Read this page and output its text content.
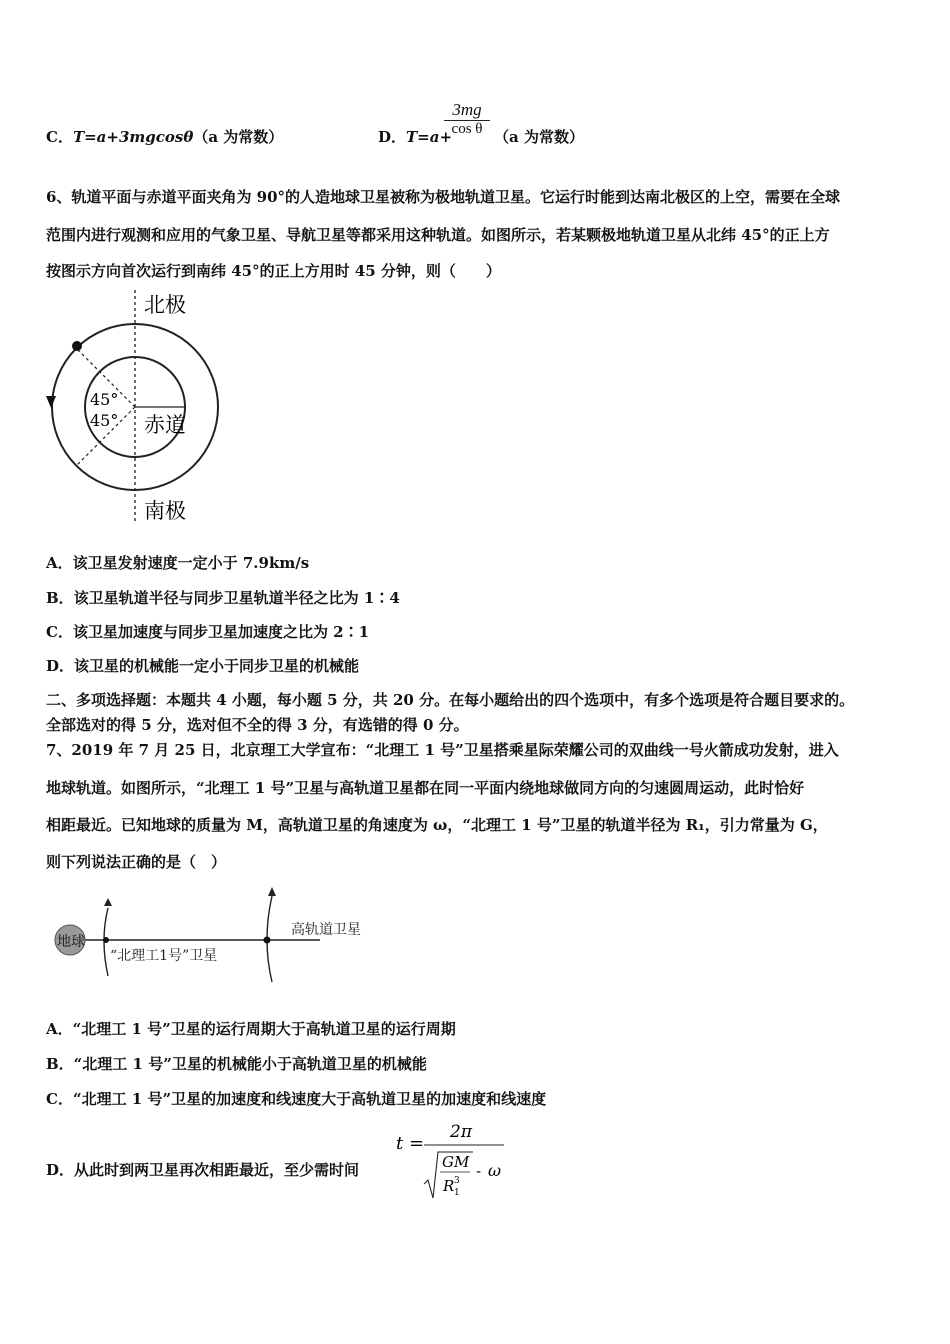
C．T=a+3mgcosθ（a 为常数）	D．T=a+
3mg
cos θ （a 为常数）
6、轨道平面与赤道平面夹角为 90°的人造地球卫星被称为极地轨道卫星。它运行时能到达南北极区的上空，需要在全球
范围内进行观测和应用的气象卫星、导航卫星等都采用这种轨道。如图所示，若某颗极地轨道卫星从北纬 45°的正上方
按图示方向首次运行到南纬 45°的正上方用时 45 分钟，则（　　）
北极
南极
赤道
45°
45°
A．该卫星发射速度一定小于 7.9km/s
B．该卫星轨道半径与同步卫星轨道半径之比为 1∶4
C．该卫星加速度与同步卫星加速度之比为 2∶1
D．该卫星的机械能一定小于同步卫星的机械能
二、多项选择题：本题共 4 小题，每小题 5 分，共 20 分。在每小题给出的四个选项中，有多个选项是符合题目要求的。
全部选对的得 5 分，选对但不全的得 3 分，有选错的得 0 分。
7、2019 年 7 月 25 日，北京理工大学宣布：“北理工 1 号”卫星搭乘星际荣耀公司的双曲线一号火箭成功发射，进入
地球轨道。如图所示，“北理工 1 号”卫星与高轨道卫星都在同一平面内绕地球做同方向的匀速圆周运动，此时恰好
相距最近。已知地球的质量为 M，高轨道卫星的角速度为 ω，“北理工 1 号”卫星的轨道半径为 R₁，引力常量为 G，
则下列说法正确的是（　）
地球
“北理工1号”卫星
高轨道卫星
A．“北理工 1 号”卫星的运行周期大于高轨道卫星的运行周期
B．“北理工 1 号”卫星的机械能小于高轨道卫星的机械能
C．“北理工 1 号”卫星的加速度和线速度大于高轨道卫星的加速度和线速度
D．从此时到两卫星再次相距最近，至少需时间
t =
2π
GM
R 3
1
- ω
